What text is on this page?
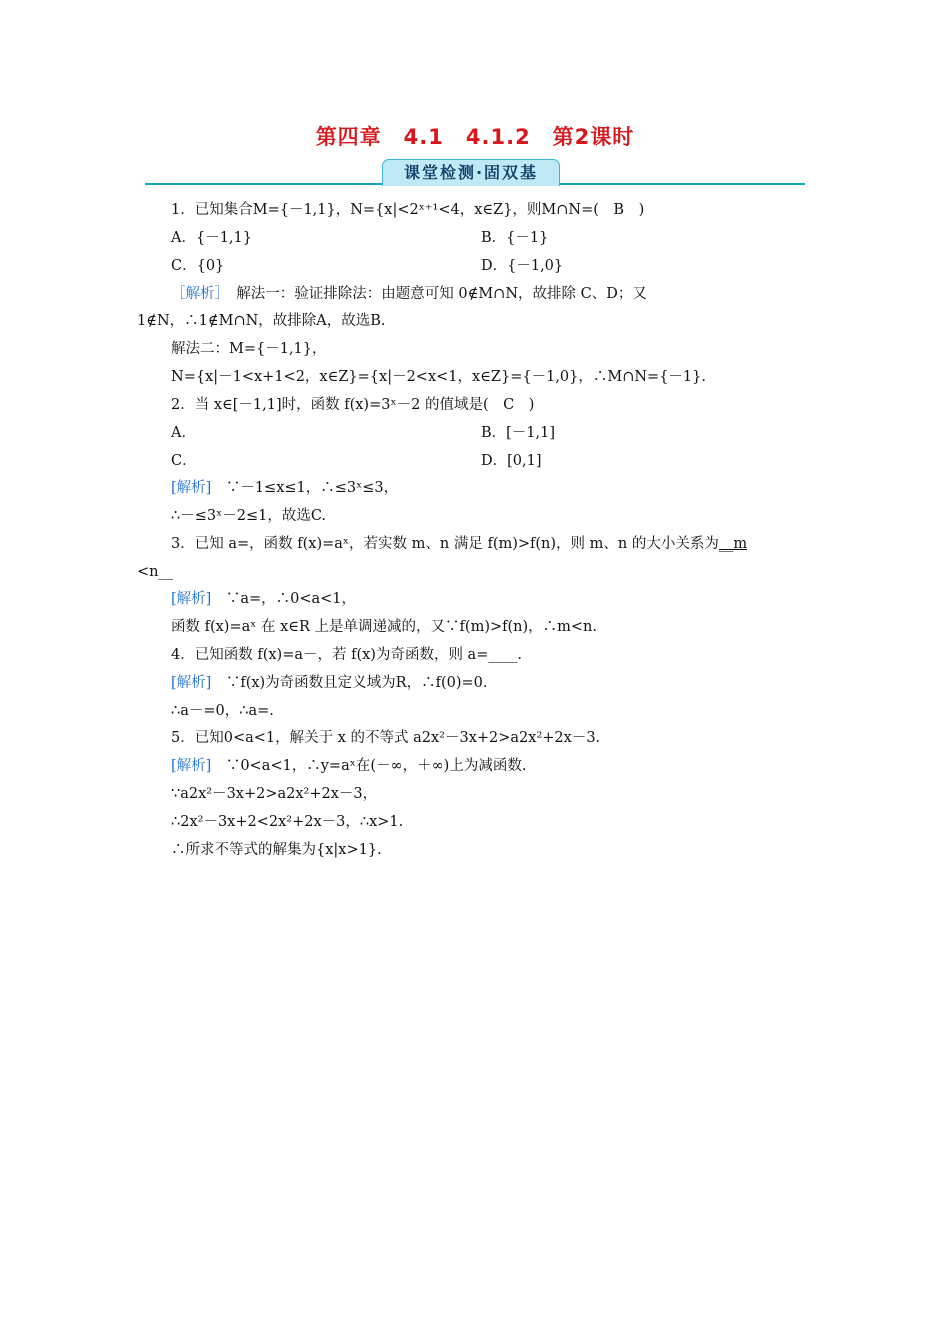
第四章　4.1　4.1.2　第2课时
课堂检测·固双基
1．已知集合M={－1,1}，N={x|<2ˣ⁺¹<4，x∈Z}，则M∩N=(　B　)
A．{－1,1}	B．{－1}
C．{0}	D．{－1,0}
［解析］　解法一：验证排除法：由题意可知 0∉M∩N，故排除 C、D；又
1∉N，∴1∉M∩N，故排除A，故选B.
解法二：M={－1,1}，
N={x|－1<x+1<2，x∈Z}={x|－2<x<1，x∈Z}={－1,0}，∴M∩N={－1}.
2．当 x∈[－1,1]时，函数 f(x)=3ˣ－2 的值域是(　C　)
A．	B．[－1,1]
C．	D．[0,1]
[解析]　∵－1≤x≤1，∴≤3ˣ≤3，
∴－≤3ˣ－2≤1，故选C.
3．已知 a=，函数 f(x)=aˣ，若实数 m、n 满足 f(m)>f(n)，则 m、n 的大小关系为__m
<n__
[解析]　∵a=，∴0<a<1，
函数 f(x)=aˣ 在 x∈R 上是单调递减的，又∵f(m)>f(n)，∴m<n.
4．已知函数 f(x)=a－，若 f(x)为奇函数，则 a=____.
[解析]　∵f(x)为奇函数且定义域为R，∴f(0)=0.
∴a－=0，∴a=.
5．已知0<a<1，解关于 x 的不等式 a2x²－3x+2>a2x²+2x－3.
[解析]　∵0<a<1，∴y=aˣ在(－∞，＋∞)上为减函数.
∵a2x²－3x+2>a2x²+2x－3，
∴2x²－3x+2<2x²+2x－3，∴x>1.
∴所求不等式的解集为{x|x>1}.
